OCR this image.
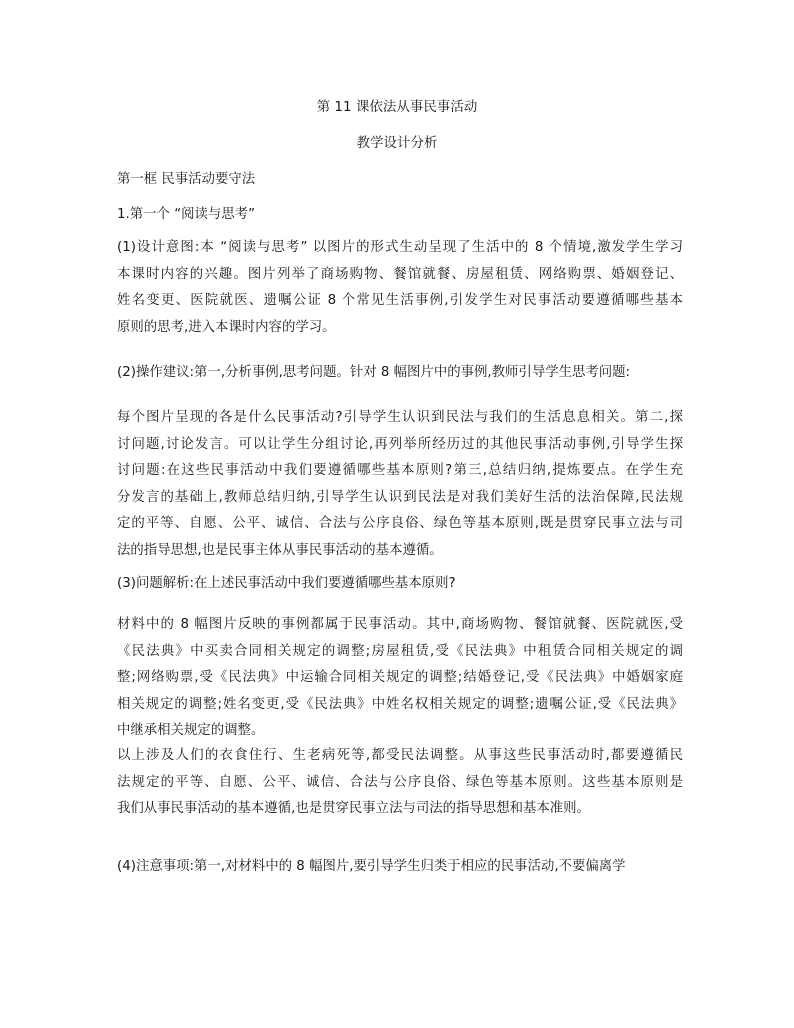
第 11 课依法从事民事活动
教学设计分析
第一框 民事活动要守法
1.第一个 “阅读与思考”
(1)设计意图:本 “阅读与思考” 以图片的形式生动呈现了生活中的 8 个情境,激发学生学习
本课时内容的兴趣。图片列举了商场购物、餐馆就餐、房屋租赁、网络购票、婚姻登记、
姓名变更、医院就医、遗嘱公证 8 个常见生活事例,引发学生对民事活动要遵循哪些基本
原则的思考,进入本课时内容的学习。
(2)操作建议:第一,分析事例,思考问题。针对 8 幅图片中的事例,教师引导学生思考问题:
每个图片呈现的各是什么民事活动?引导学生认识到民法与我们的生活息息相关。第二,探
讨问题,讨论发言。可以让学生分组讨论,再列举所经历过的其他民事活动事例,引导学生探
讨问题:在这些民事活动中我们要遵循哪些基本原则?第三,总结归纳,提炼要点。在学生充
分发言的基础上,教师总结归纳,引导学生认识到民法是对我们美好生活的法治保障,民法规
定的平等、自愿、公平、诚信、合法与公序良俗、绿色等基本原则,既是贯穿民事立法与司
法的指导思想,也是民事主体从事民事活动的基本遵循。
(3)问题解析:在上述民事活动中我们要遵循哪些基本原则?
材料中的 8 幅图片反映的事例都属于民事活动。其中,商场购物、餐馆就餐、医院就医,受
《民法典》中买卖合同相关规定的调整;房屋租赁,受《民法典》中租赁合同相关规定的调
整;网络购票,受《民法典》中运输合同相关规定的调整;结婚登记,受《民法典》中婚姻家庭
相关规定的调整;姓名变更,受《民法典》中姓名权相关规定的调整;遗嘱公证,受《民法典》
中继承相关规定的调整。
以上涉及人们的衣食住行、生老病死等,都受民法调整。从事这些民事活动时,都要遵循民
法规定的平等、自愿、公平、诚信、合法与公序良俗、绿色等基本原则。这些基本原则是
我们从事民事活动的基本遵循,也是贯穿民事立法与司法的指导思想和基本准则。
(4)注意事项:第一,对材料中的 8 幅图片,要引导学生归类于相应的民事活动,不要偏离学
